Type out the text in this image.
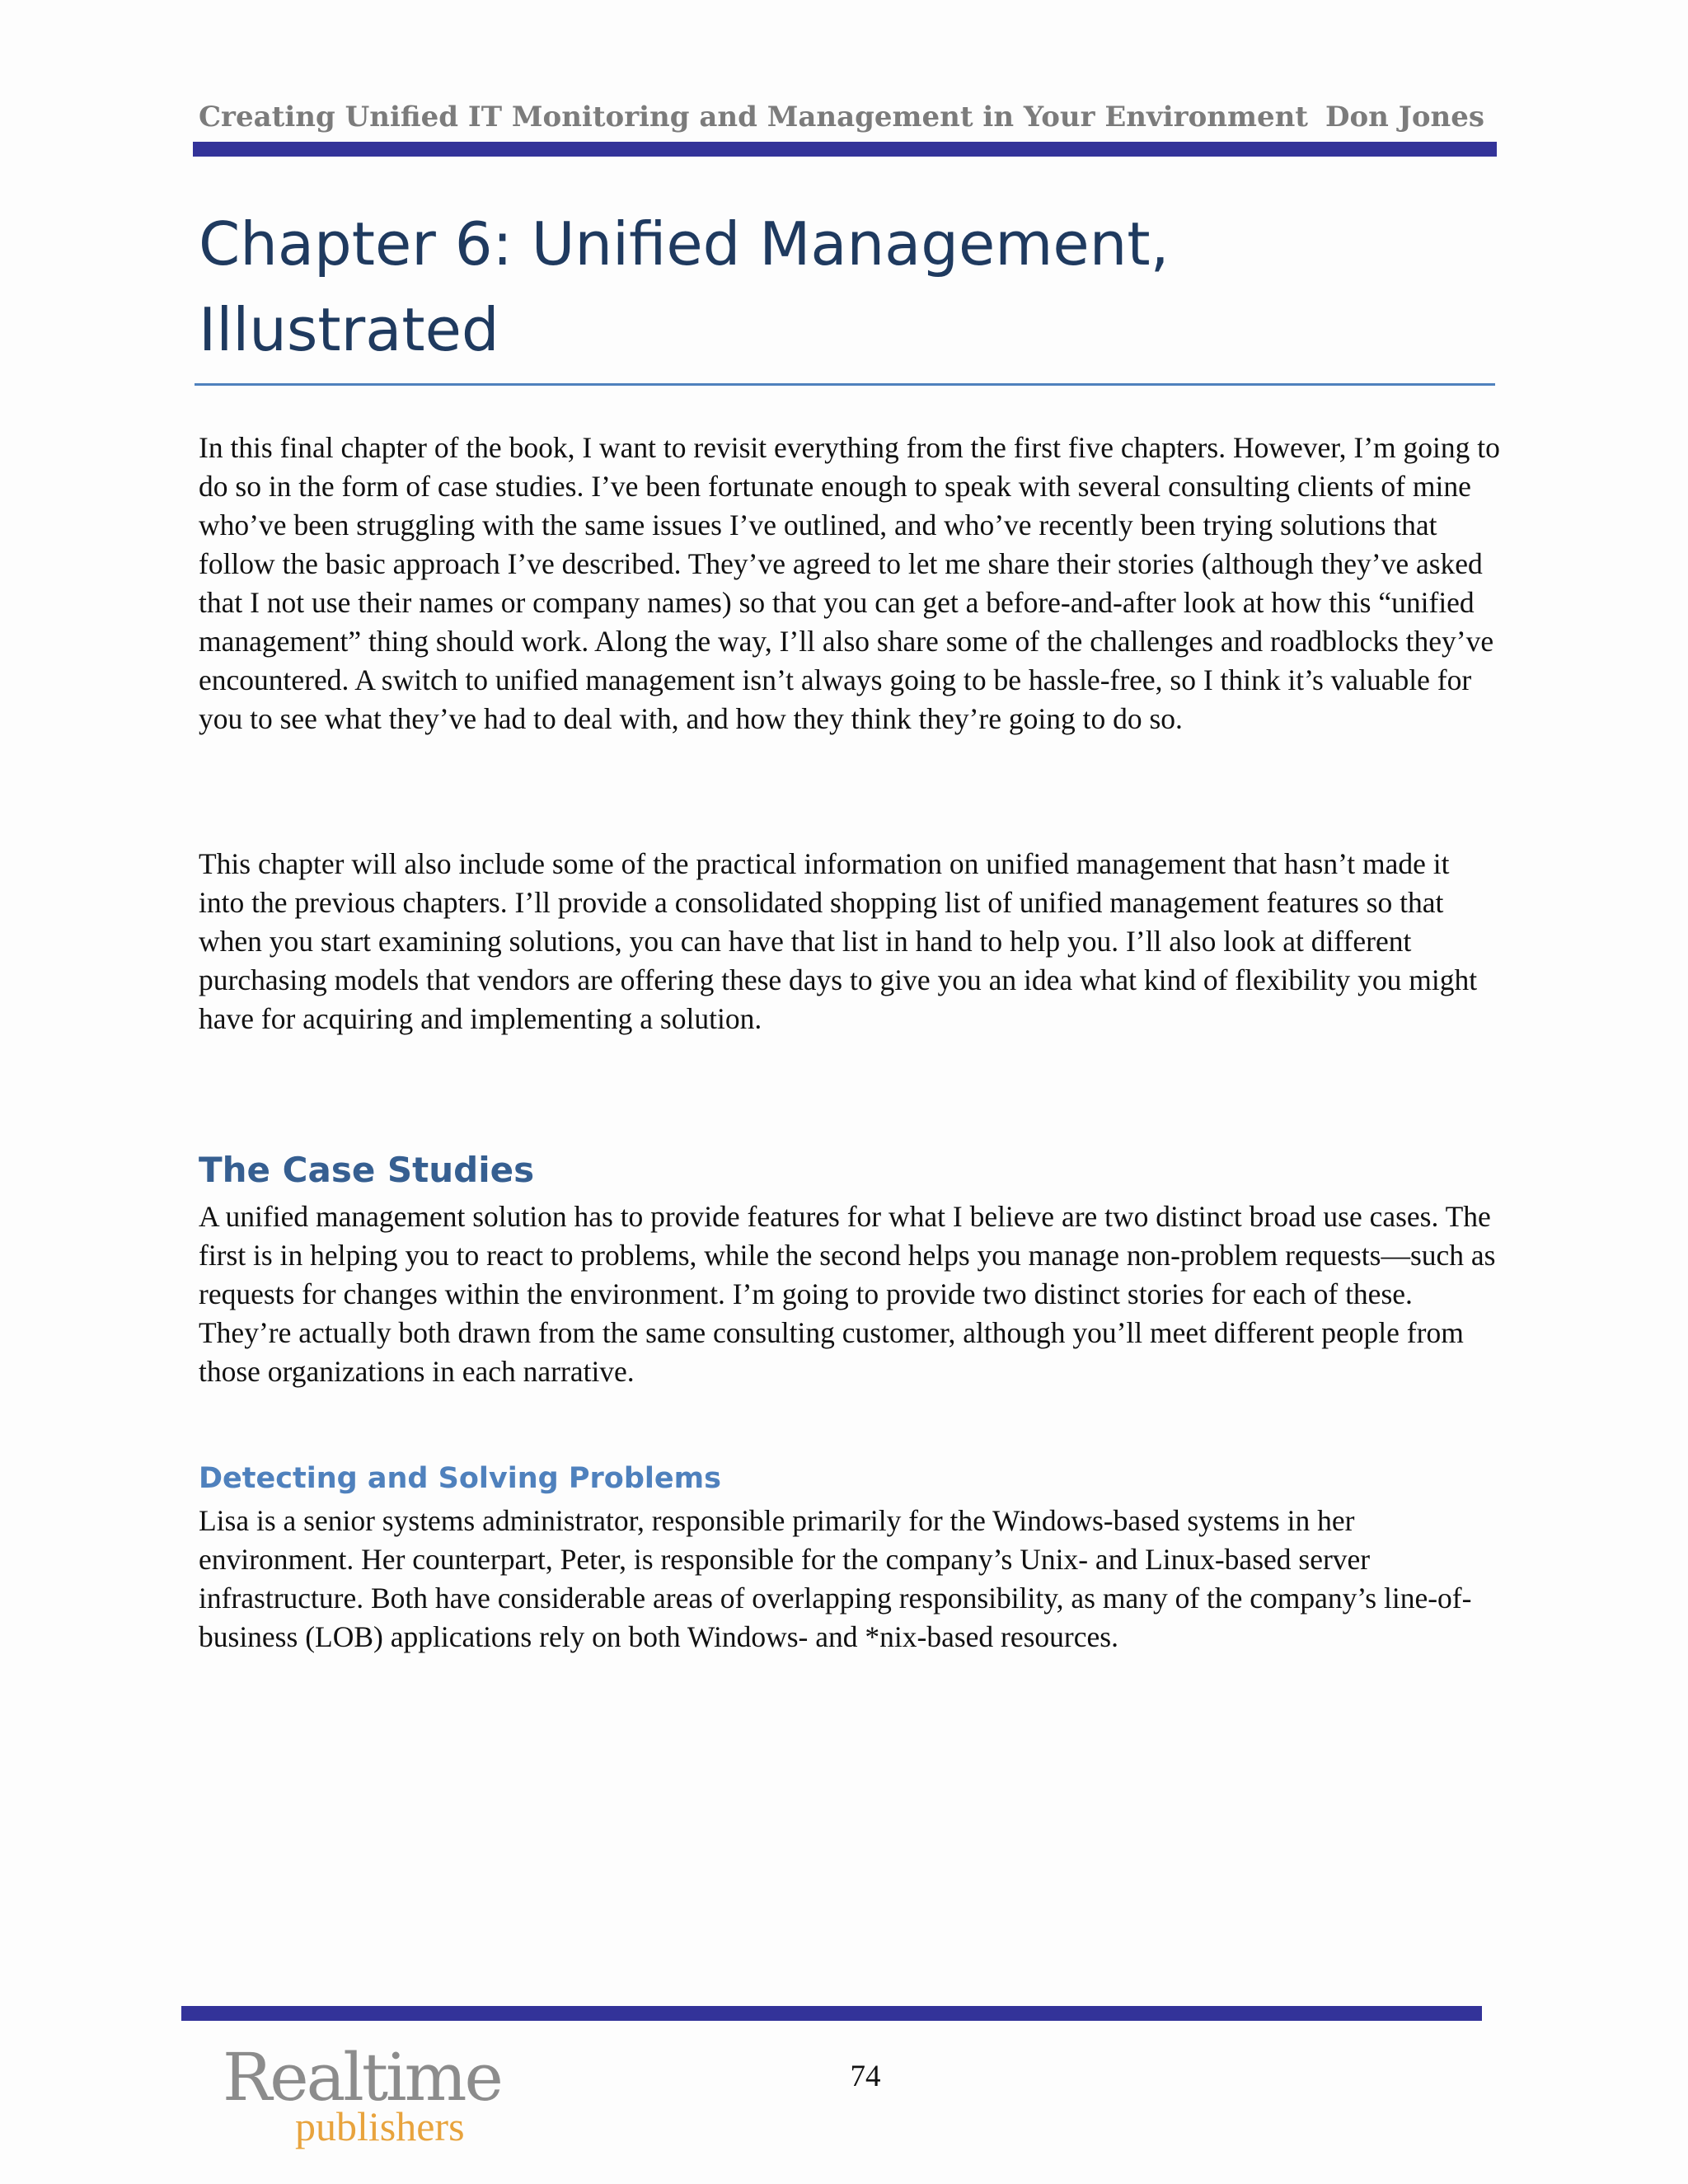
Creating Unified IT Monitoring and Management in Your Environment Don Jones
Chapter 6: Unified Management,
Illustrated

In this final chapter of the book, I want to revisit everything from the first five chapters. However, I’m going to do so in the form of case studies. I’ve been fortunate enough to speak with several consulting clients of mine who’ve been struggling with the same issues I’ve outlined, and who’ve recently been trying solutions that follow the basic approach I’ve described. They’ve agreed to let me share their stories (although they’ve asked that I not use their names or company names) so that you can get a before-and-after look at how this “unified management” thing should work. Along the way, I’ll also share some of the challenges and roadblocks they’ve encountered. A switch to unified management isn’t always going to be hassle-free, so I think it’s valuable for you to see what they’ve had to deal with, and how they think they’re going to do so.

This chapter will also include some of the practical information on unified management that hasn’t made it into the previous chapters. I’ll provide a consolidated shopping list of unified management features so that when you start examining solutions, you can have that list in hand to help you. I’ll also look at different purchasing models that vendors are offering these days to give you an idea what kind of flexibility you might have for acquiring and implementing a solution.

The Case Studies

A unified management solution has to provide features for what I believe are two distinct broad use cases. The first is in helping you to react to problems, while the second helps you manage non-problem requests—such as requests for changes within the environment. I’m going to provide two distinct stories for each of these. They’re actually both drawn from the same consulting customer, although you’ll meet different people from those organizations in each narrative.

Detecting and Solving Problems

Lisa is a senior systems administrator, responsible primarily for the Windows-based systems in her environment. Her counterpart, Peter, is responsible for the company’s Unix- and Linux-based server infrastructure. Both have considerable areas of overlapping responsibility, as many of the company’s line-of-business (LOB) applications rely on both Windows- and *nix-based resources.

Realtime
publishers
74
